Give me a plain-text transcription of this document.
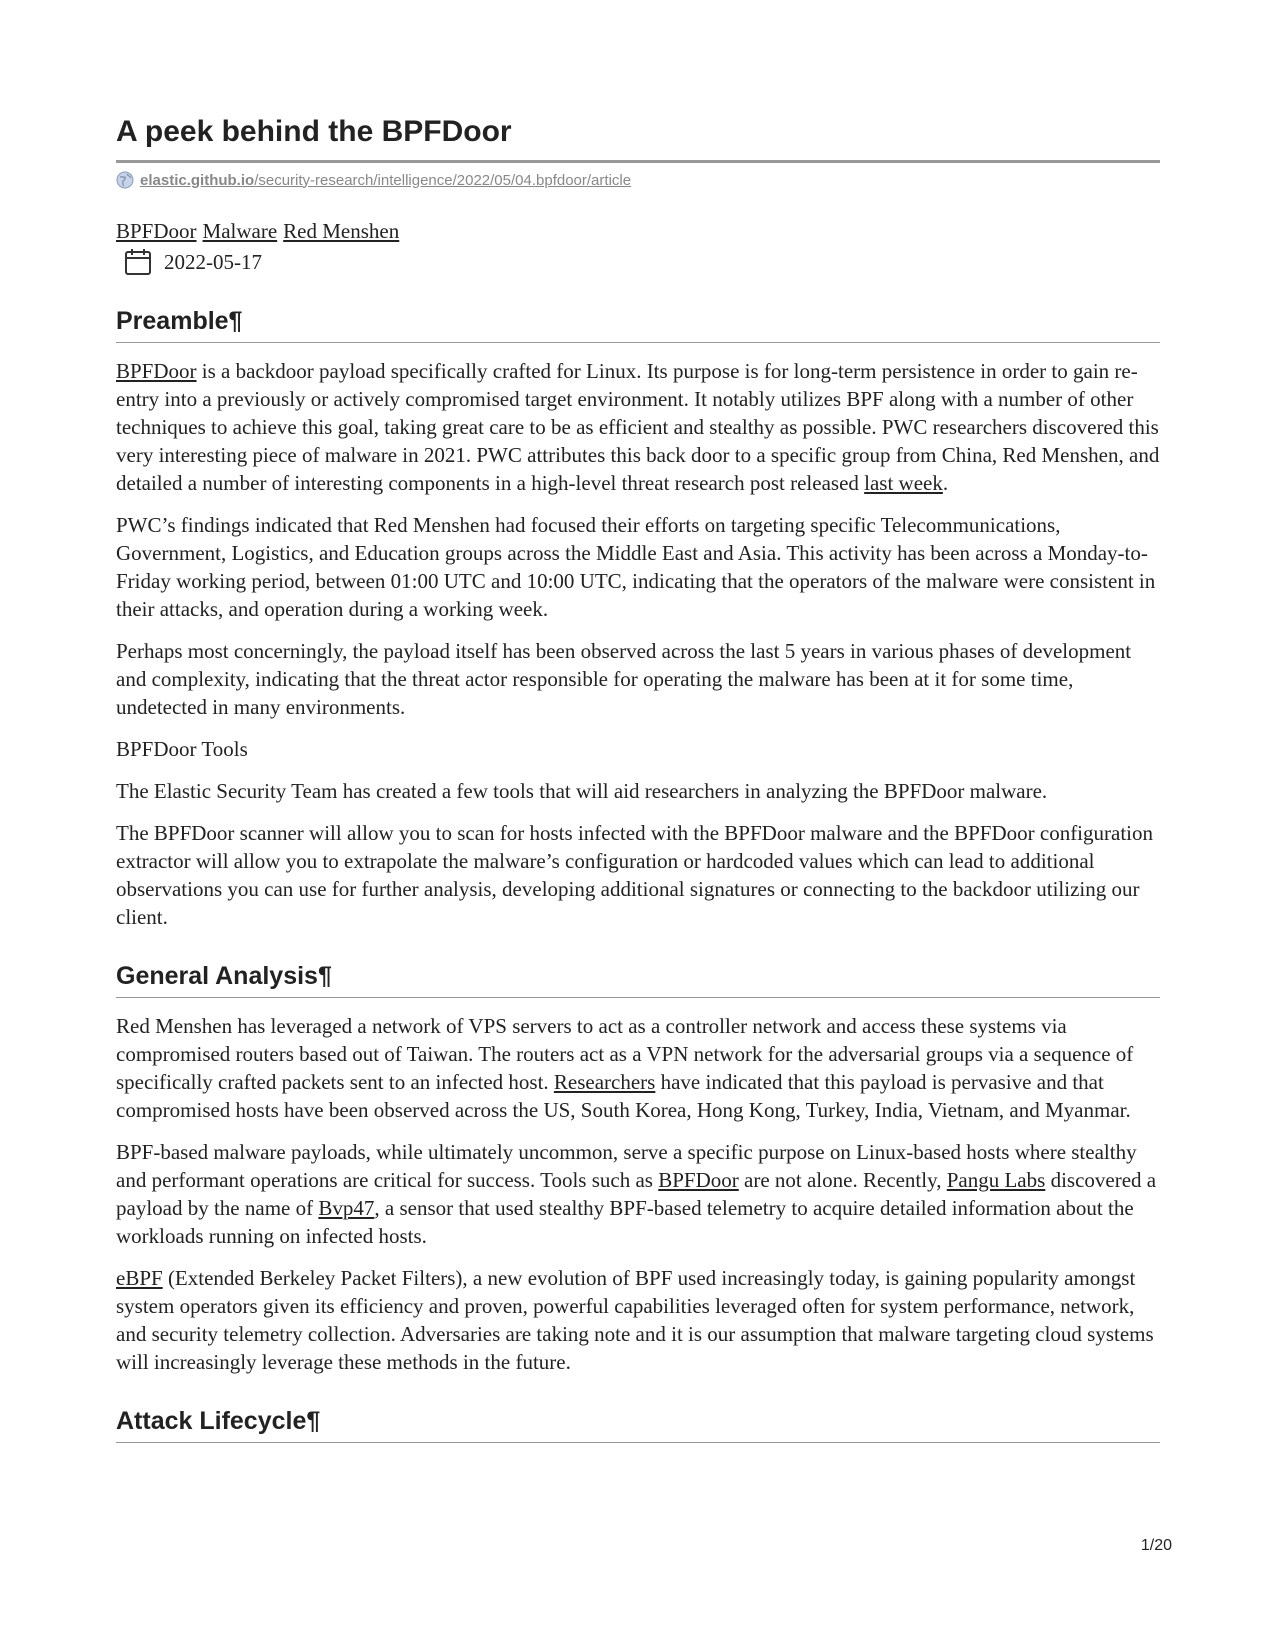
A peek behind the BPFDoor
elastic.github.io /security-research/intelligence/2022/05/04.bpfdoor/article
BPFDoor Malware Red Menshen
2022-05-17
Preamble¶

BPFDoor is a backdoor payload specifically crafted for Linux. Its purpose is for long-term persistence in order to gain re-entry into a previously or actively compromised target environment. It notably utilizes BPF along with a number of other techniques to achieve this goal, taking great care to be as efficient and stealthy as possible. PWC researchers discovered this very interesting piece of malware in 2021. PWC attributes this back door to a specific group from China, Red Menshen, and detailed a number of interesting components in a high-level threat research post released last week.

PWC’s findings indicated that Red Menshen had focused their efforts on targeting specific Telecommunications, Government, Logistics, and Education groups across the Middle East and Asia. This activity has been across a Monday-to-Friday working period, between 01:00 UTC and 10:00 UTC, indicating that the operators of the malware were consistent in their attacks, and operation during a working week.

Perhaps most concerningly, the payload itself has been observed across the last 5 years in various phases of development and complexity, indicating that the threat actor responsible for operating the malware has been at it for some time, undetected in many environments.

BPFDoor Tools

The Elastic Security Team has created a few tools that will aid researchers in analyzing the BPFDoor malware.

The BPFDoor scanner will allow you to scan for hosts infected with the BPFDoor malware and the BPFDoor configuration extractor will allow you to extrapolate the malware’s configuration or hardcoded values which can lead to additional observations you can use for further analysis, developing additional signatures or connecting to the backdoor utilizing our client.

General Analysis¶

Red Menshen has leveraged a network of VPS servers to act as a controller network and access these systems via compromised routers based out of Taiwan. The routers act as a VPN network for the adversarial groups via a sequence of specifically crafted packets sent to an infected host. Researchers have indicated that this payload is pervasive and that compromised hosts have been observed across the US, South Korea, Hong Kong, Turkey, India, Vietnam, and Myanmar.

BPF-based malware payloads, while ultimately uncommon, serve a specific purpose on Linux-based hosts where stealthy and performant operations are critical for success. Tools such as BPFDoor are not alone. Recently, Pangu Labs discovered a payload by the name of Bvp47, a sensor that used stealthy BPF-based telemetry to acquire detailed information about the workloads running on infected hosts.

eBPF (Extended Berkeley Packet Filters), a new evolution of BPF used increasingly today, is gaining popularity amongst system operators given its efficiency and proven, powerful capabilities leveraged often for system performance, network, and security telemetry collection. Adversaries are taking note and it is our assumption that malware targeting cloud systems will increasingly leverage these methods in the future.

Attack Lifecycle¶
1/20
